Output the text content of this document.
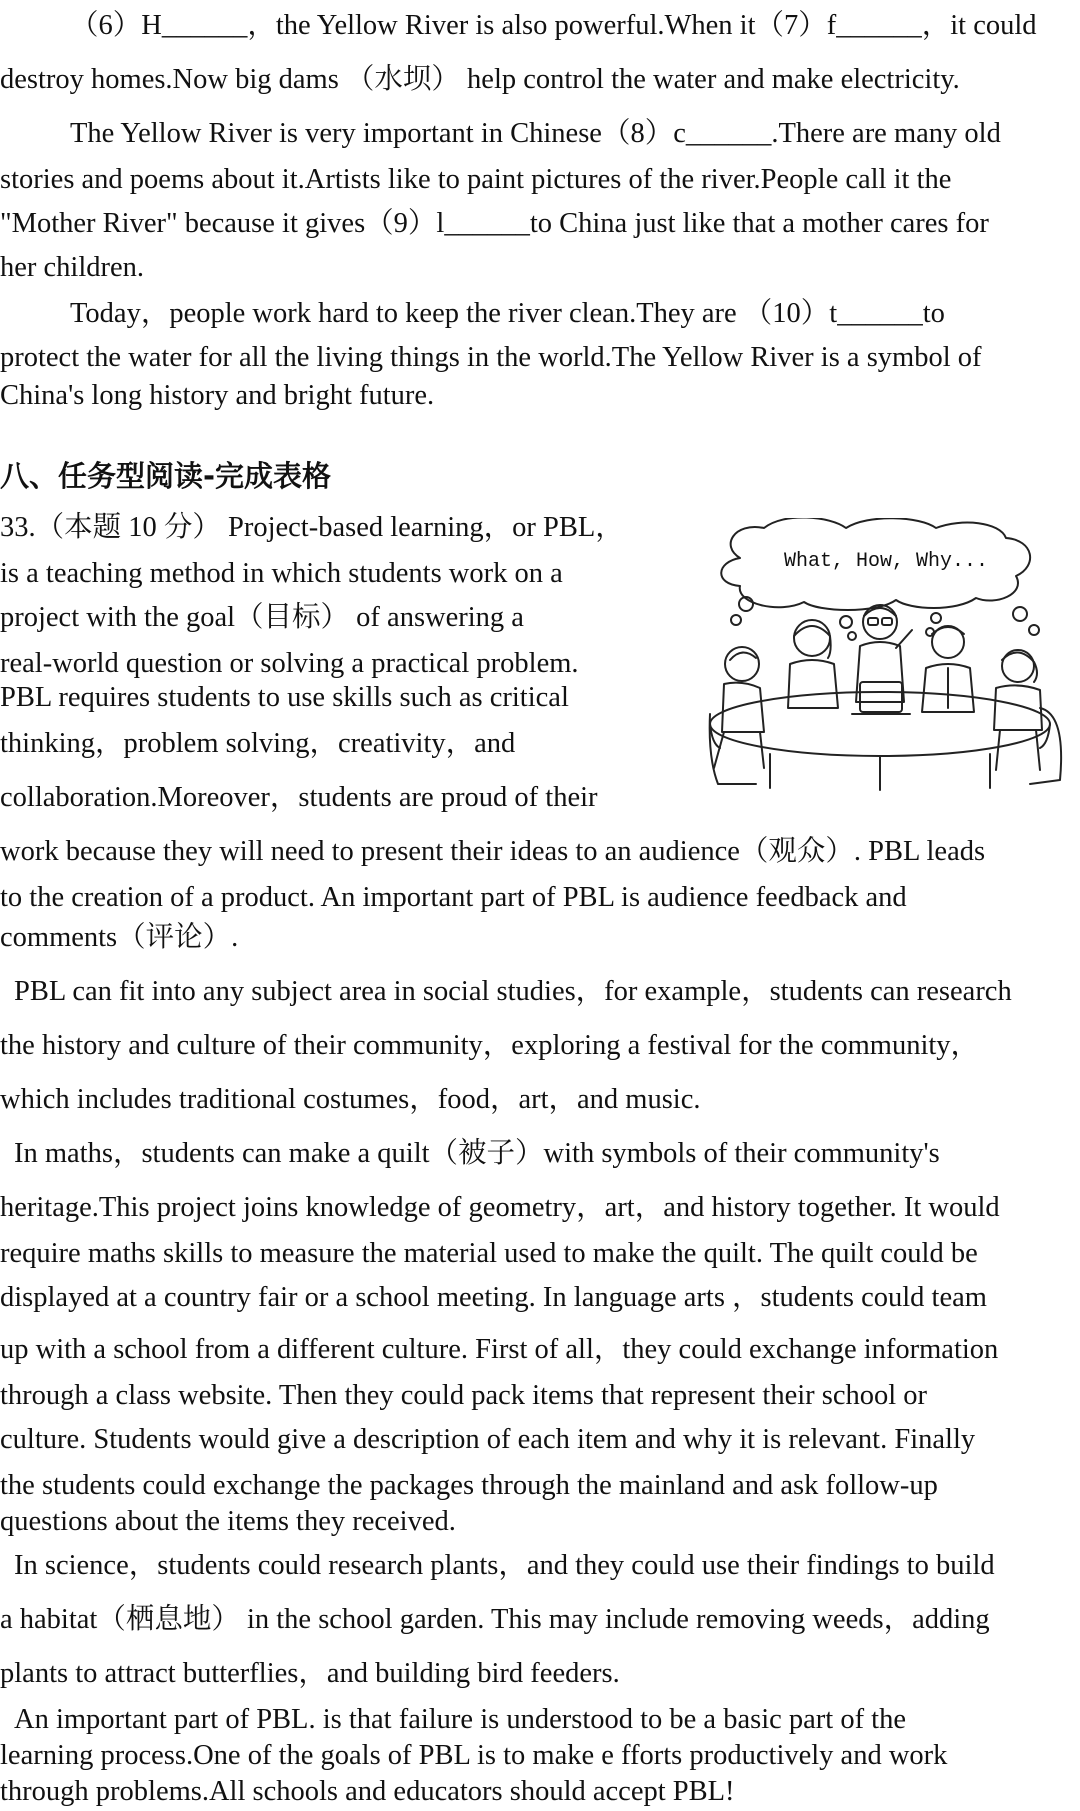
（6）H______，the Yellow River is also powerful.When it（7）f______，it could
destroy homes.Now big dams （水坝） help control the water and make electricity.
The Yellow River is very important in Chinese（8）c______.There are many old
stories and poems about it.Artists like to paint pictures of the river.People call it the
"Mother River" because it gives（9）l______to China just like that a mother cares for
her children.
Today，people work hard to keep the river clean.They are （10）t______to
protect the water for all the living things in the world.The Yellow River is a symbol of
China's long history and bright future.
八、任务型阅读-完成表格
33.（本题 10 分） Project-based learning，or PBL，
is a teaching method in which students work on a
project with the goal（目标） of answering a
real-world question or solving a practical problem.
PBL requires students to use skills such as critical
thinking，problem solving，creativity，and
collaboration.Moreover，students are proud of their
What, How, Why...
work because they will need to present their ideas to an audience（观众）. PBL leads
to the creation of a product. An important part of PBL is audience feedback and
comments（评论）.
PBL can fit into any subject area in social studies，for example，students can research
the history and culture of their community，exploring a festival for the community，
which includes traditional costumes，food，art，and music.
In maths，students can make a quilt（被子）with symbols of their community's
heritage.This project joins knowledge of geometry，art，and history together. It would
require maths skills to measure the material used to make the quilt. The quilt could be
displayed at a country fair or a school meeting. In language arts ，students could team
up with a school from a different culture. First of all，they could exchange information
through a class website. Then they could pack items that represent their school or
culture. Students would give a description of each item and why it is relevant. Finally
the students could exchange the packages through the mainland and ask follow-up
questions about the items they received.
In science，students could research plants，and they could use their findings to build
a habitat（栖息地） in the school garden. This may include removing weeds，adding
plants to attract butterflies，and building bird feeders.
An important part of PBL. is that failure is understood to be a basic part of the
learning process.One of the goals of PBL is to make e fforts productively and work
through problems.All schools and educators should accept PBL!
